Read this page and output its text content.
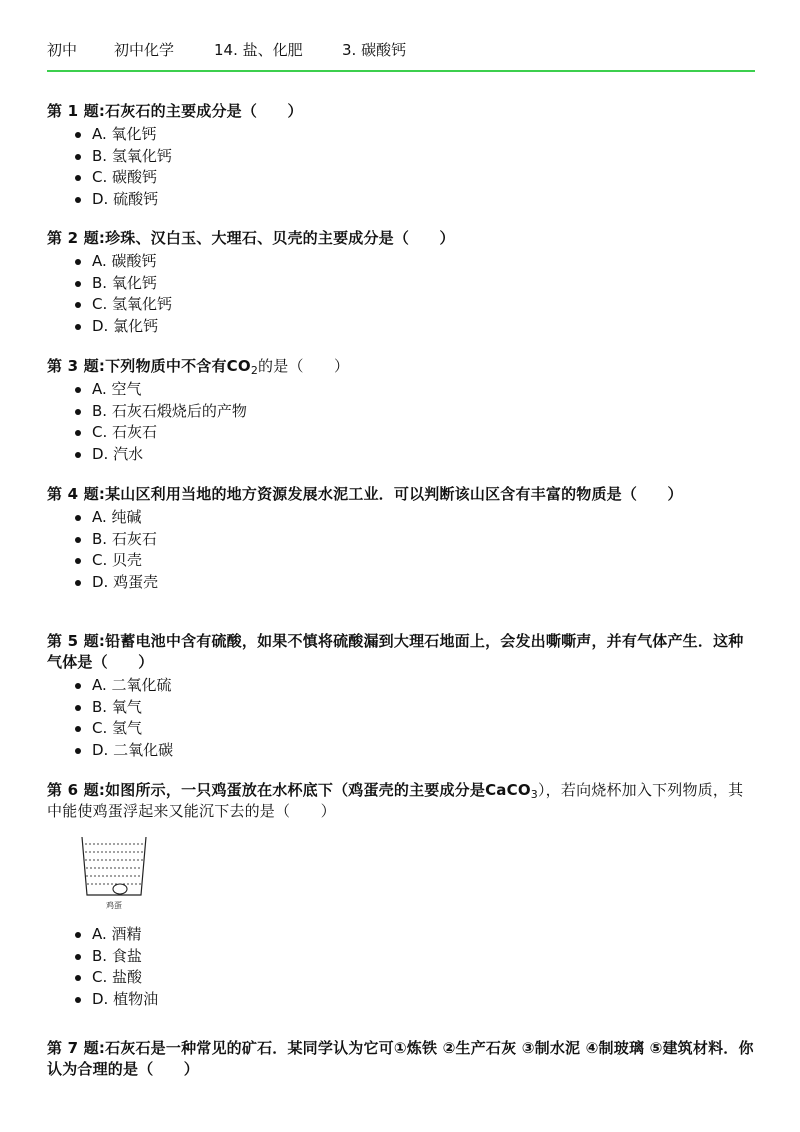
初中 初中化学	14. 盐、化肥	3. 碳酸钙
第 1 题:石灰石的主要成分是（　　）
A. 氧化钙
B. 氢氧化钙
C. 碳酸钙
D. 硫酸钙
第 2 题:珍珠、汉白玉、大理石、贝壳的主要成分是（　　）
A. 碳酸钙
B. 氧化钙
C. 氢氧化钙
D. 氯化钙
第 3 题:下列物质中不含有$CO_2$的是（　　）
A. 空气
B. 石灰石煅烧后的产物
C. 石灰石
D. 汽水
第 4 题:某山区利用当地的地方资源发展水泥工业．可以判断该山区含有丰富的物质是（　　）
A. 纯碱
B. 石灰石
C. 贝壳
D. 鸡蛋壳
第 5 题:铅蓄电池中含有硫酸，如果不慎将硫酸漏到大理石地面上，会发出嘶嘶声，并有气体产生．这种气体是（　　）
A. 二氧化硫
B. 氧气
C. 氢气
D. 二氧化碳
第 6 题:如图所示，一只鸡蛋放在水杯底下（鸡蛋壳的主要成分是CaCO$_3$），若向烧杯加入下列物质，其中能使鸡蛋浮起来又能沉下去的是（　　）
鸡蛋
A. 酒精
B. 食盐
C. 盐酸
D. 植物油
第 7 题:石灰石是一种常见的矿石．某同学认为它可①炼铁 ②生产石灰 ③制水泥 ④制玻璃 ⑤建筑材料．你认为合理的是（　　）
